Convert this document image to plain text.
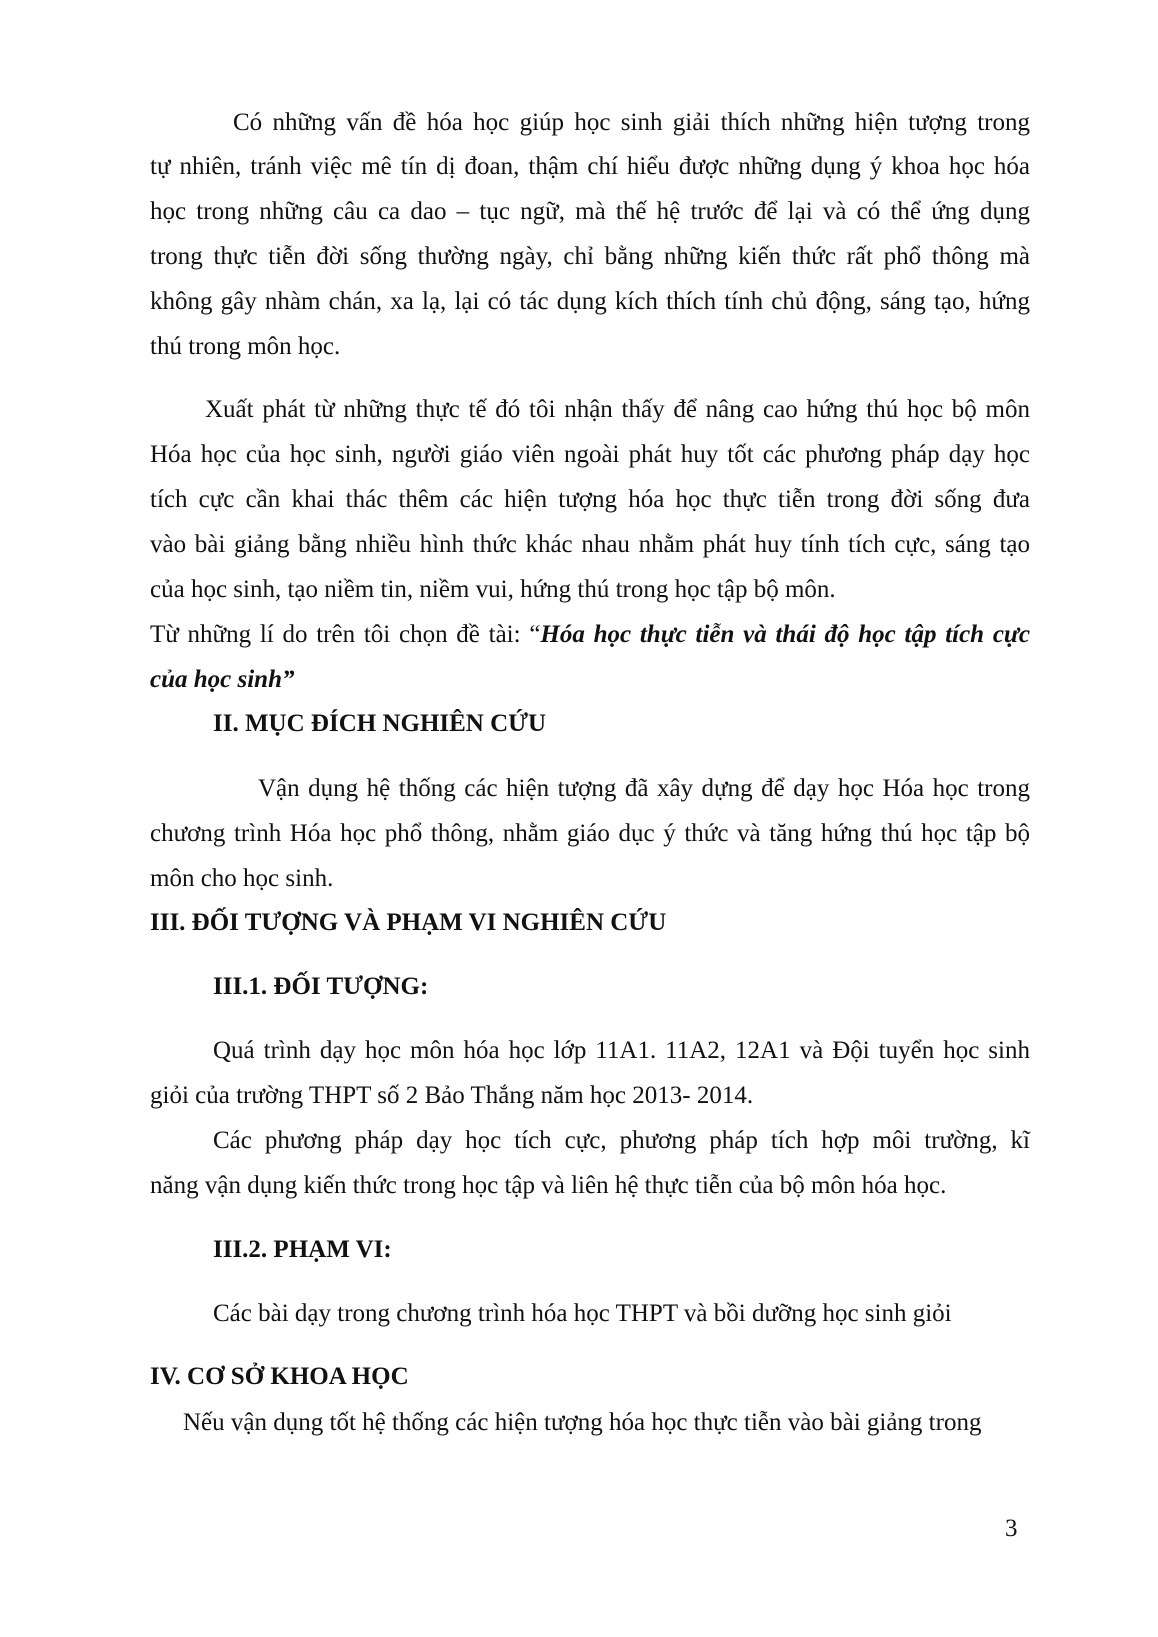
Có những vấn đề hóa học giúp học sinh giải thích những hiện tượng trong
tự nhiên, tránh việc mê tín dị đoan, thậm chí hiểu được những dụng ý khoa học hóa
học trong những câu ca dao – tục ngữ, mà thế hệ trước để lại và có thể ứng dụng
trong thực tiễn đời sống thường ngày, chỉ bằng những kiến thức rất phổ thông mà
không gây nhàm chán, xa lạ, lại có tác dụng kích thích tính chủ động, sáng tạo, hứng
thú trong môn học.
Xuất phát từ những thực tế đó tôi nhận thấy để nâng cao hứng thú học bộ môn
Hóa học của học sinh, người giáo viên ngoài phát huy tốt các phương pháp dạy học
tích cực cần khai thác thêm các hiện tượng hóa học thực tiễn trong đời sống đưa
vào bài giảng bằng nhiều hình thức khác nhau nhằm phát huy tính tích cực, sáng tạo
của học sinh, tạo niềm tin, niềm vui, hứng thú trong học tập bộ môn.
Từ những lí do trên tôi chọn đề tài: “Hóa học thực tiễn và thái độ học tập tích cực
của học sinh”
II. MỤC ĐÍCH NGHIÊN CỨU
Vận dụng hệ thống các hiện tượng đã xây dựng để dạy học Hóa học trong
chương trình Hóa học phổ thông, nhằm giáo dục ý thức và tăng hứng thú học tập bộ
môn cho học sinh.
III. ĐỐI TƯỢNG VÀ PHẠM VI NGHIÊN CỨU
III.1. ĐỐI TƯỢNG:
Quá trình dạy học môn hóa học lớp 11A1. 11A2, 12A1 và Đội tuyển học sinh
giỏi của trường THPT số 2 Bảo Thắng năm học 2013- 2014.
Các phương pháp dạy học tích cực, phương pháp tích hợp môi trường, kĩ
năng vận dụng kiến thức trong học tập và liên hệ thực tiễn của bộ môn hóa học.
III.2. PHẠM VI:
Các bài dạy trong chương trình hóa học THPT và bồi dưỡng học sinh giỏi
IV. CƠ SỞ KHOA HỌC
Nếu vận dụng tốt hệ thống các hiện tượng hóa học thực tiễn vào bài giảng trong
3
